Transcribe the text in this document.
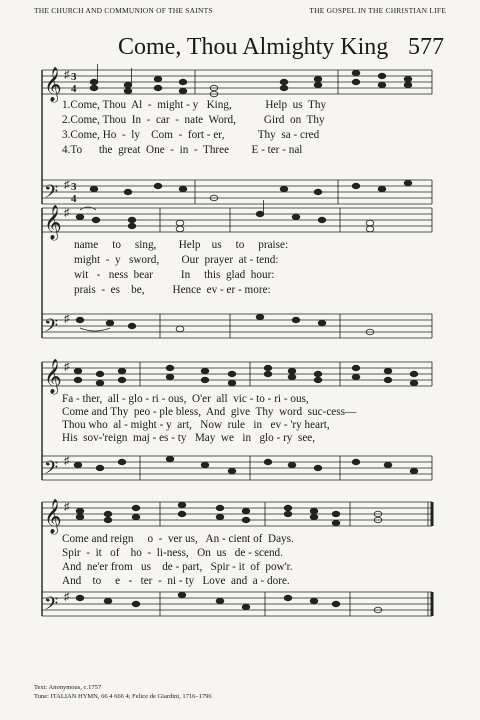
THE CHURCH AND COMMUNION OF THE SAINTS	THE GOSPEL IN THE CHRISTIAN LIFE
Come, Thou Almighty King 577
𝄞
𝄢
♯
♯
3
4
3
4
1.Come, Thou  Al  -  might - y   King,            Help  us  Thy
2.Come, Thou  In  -  car  -  nate  Word,          Gird  on  Thy
3.Come, Ho  -  ly    Com  -  fort - er,            Thy  sa - cred
4.To      the  great  One  -  in  -  Three        E - ter - nal
𝄞
𝄢
♯
♯
name     to     sing,        Help    us     to     praise:
might  -  y   sword,        Our  prayer  at - tend:
wit   -   ness  bear          In     this  glad  hour:
prais  -  es    be,          Hence  ev - er - more:
𝄞
𝄢
♯
♯
Fa - ther,  all - glo - ri - ous,  O'er  all  vic - to - ri - ous,
Come and Thy  peo - ple bless,  And  give  Thy  word  suc-cess—
Thou who  al - might - y  art,   Now  rule   in   ev - 'ry heart,
His  sov-'reign  maj - es - ty   May  we   in   glo - ry  see,
𝄞
𝄢
♯
♯
Come and reign     o  -  ver us,   An - cient of  Days.
Spir  -  it   of    ho  -  li-ness,   On  us   de - scend.
And  ne'er from   us    de - part,   Spir - it  of  pow'r.
And    to     e   -   ter  -  ni - ty   Love  and  a - dore.
Text: Anonymous, c.1757
Tune: ITALIAN HYMN, 66 4 666 4; Felice de Giardini, 1716–1796
